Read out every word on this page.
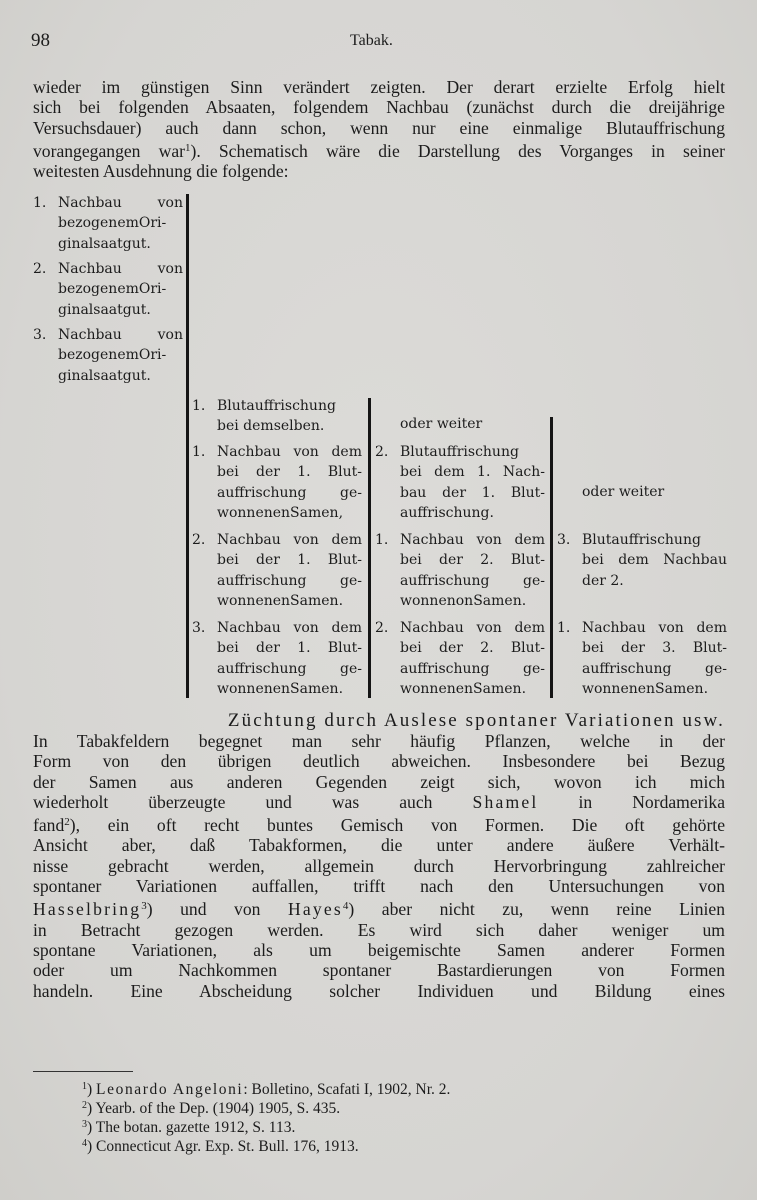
98	Tabak.
wieder im günstigen Sinn verändert zeigten. Der derart erzielte Erfolg hielt
sich bei folgenden Absaaten, folgendem Nachbau (zunächst durch die dreijährige
Versuchsdauer) auch dann schon, wenn nur eine einmalige Blutauffrischung
vorangegangen war$^1$). Schematisch wäre die Darstellung des Vorganges in seiner
weitesten Ausdehnung die folgende:
1. Nachbau von
bezogenemOri-
ginalsaatgut.
2. Nachbau von
bezogenemOri-
ginalsaatgut.
3. Nachbau von
bezogenemOri-
ginalsaatgut.
1. Blutauffrischung
bei demselben.
1. Nachbau von dem
bei der 1. Blut-
auffrischung ge-
wonnenenSamen,
2. Nachbau von dem
bei der 1. Blut-
auffrischung ge-
wonnenenSamen.
3. Nachbau von dem
bei der 1. Blut-
auffrischung ge-
wonnenenSamen.
oder weiter
2. Blutauffrischung
bei dem 1. Nach-
bau der 1. Blut-
auffrischung.
1. Nachbau von dem
bei der 2. Blut-
auffrischung ge-
wonnenonSamen.
2. Nachbau von dem
bei der 2. Blut-
auffrischung ge-
wonnenenSamen.
oder weiter
3. Blutauffrischung
bei dem Nachbau
der 2.
1. Nachbau von dem
bei der 3. Blut-
auffrischung ge-
wonnenenSamen.
Züchtung durch Auslese spontaner Variationen usw.
In Tabakfeldern begegnet man sehr häufig Pflanzen, welche in der
Form von den übrigen deutlich abweichen. Insbesondere bei Bezug
der Samen aus anderen Gegenden zeigt sich, wovon ich mich
wiederholt überzeugte und was auch Shamel in Nordamerika
fand$^2$), ein oft recht buntes Gemisch von Formen. Die oft gehörte
Ansicht aber, daß Tabakformen, die unter andere äußere Verhält-
nisse gebracht werden, allgemein durch Hervorbringung zahlreicher
spontaner Variationen auffallen, trifft nach den Untersuchungen von
Hasselbring$^3$) und von Hayes$^4$) aber nicht zu, wenn reine Linien
in Betracht gezogen werden. Es wird sich daher weniger um
spontane Variationen, als um beigemischte Samen anderer Formen
oder um Nachkommen spontaner Bastardierungen von Formen
handeln. Eine Abscheidung solcher Individuen und Bildung eines
$^1$) Leonardo Angeloni: Bolletino, Scafati I, 1902, Nr. 2.
$^2$) Yearb. of the Dep. (1904) 1905, S. 435.
$^3$) The botan. gazette 1912, S. 113.
$^4$) Connecticut Agr. Exp. St. Bull. 176, 1913.
